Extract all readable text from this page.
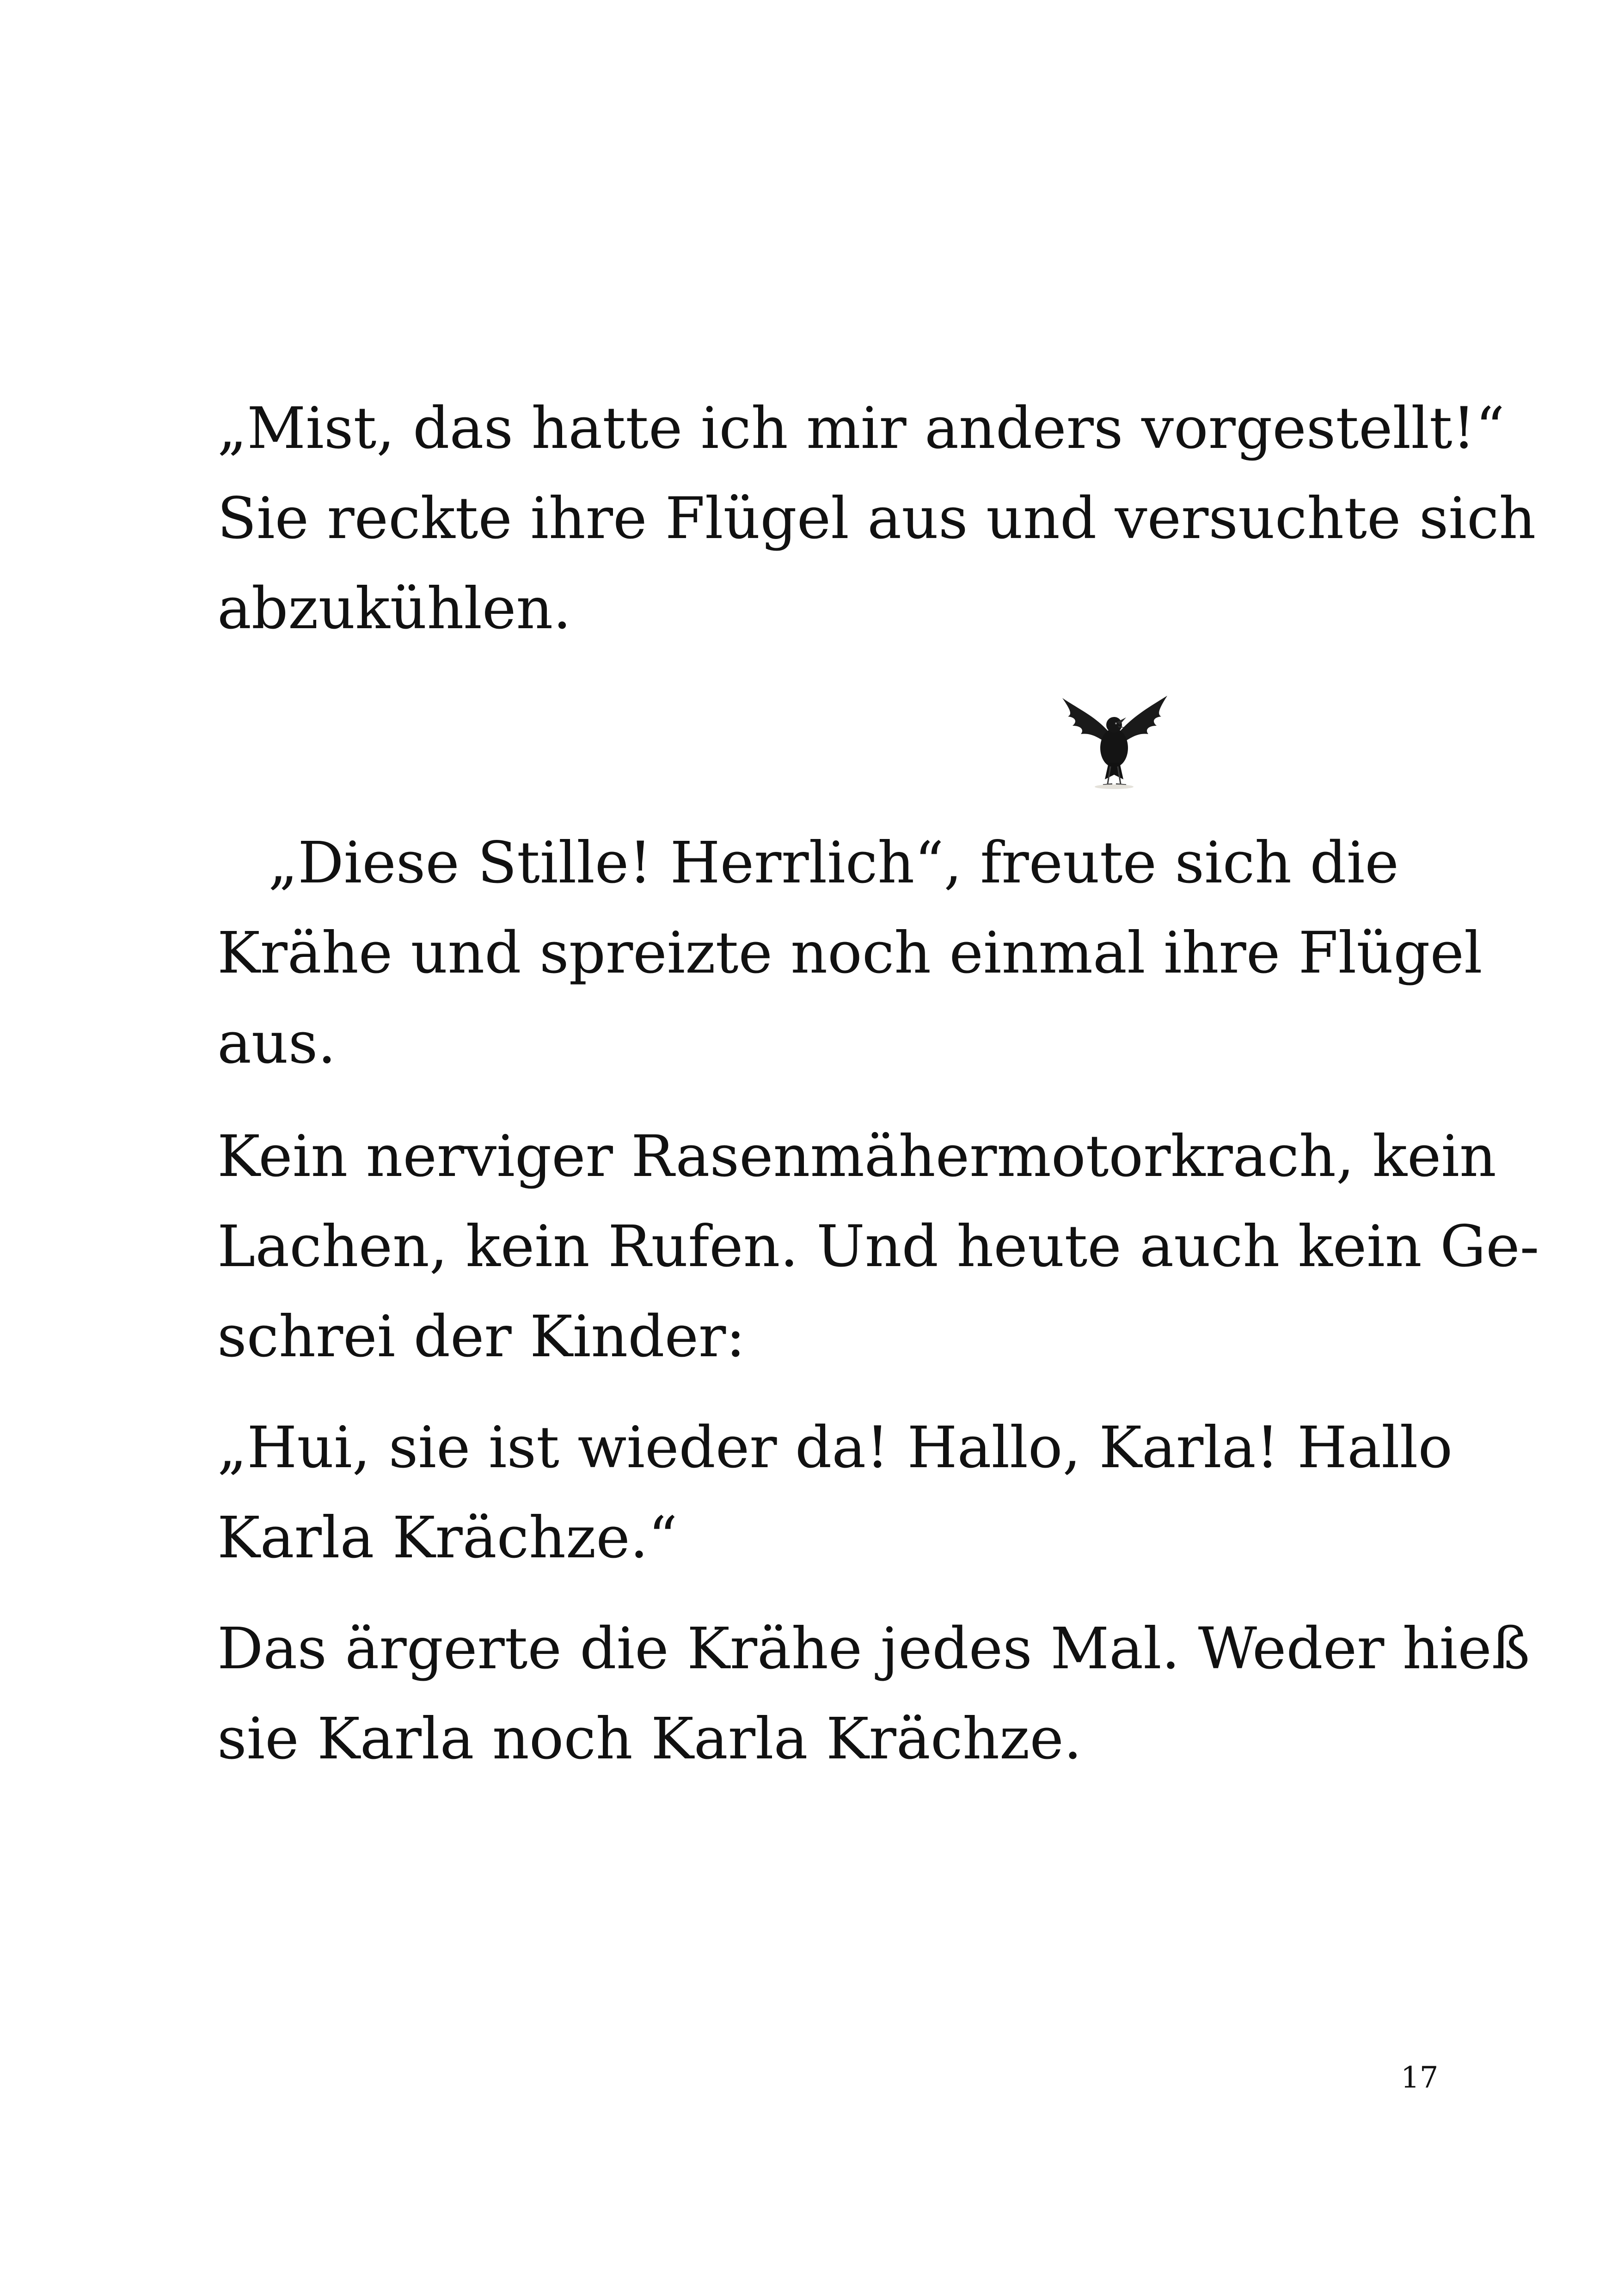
„Mist, das hatte ich mir anders vorgestellt!“
Sie reckte ihre Flügel aus und versuchte sich
abzukühlen.

„Diese Stille! Herrlich“, freute sich die
Krähe und spreizte noch einmal ihre Flügel
aus.

Kein nerviger Rasenmähermotorkrach, kein
Lachen, kein Rufen. Und heute auch kein Ge-
schrei der Kinder:

„Hui, sie ist wieder da! Hallo, Karla! Hallo
Karla Krächze.“

Das ärgerte die Krähe jedes Mal. Weder hieß
sie Karla noch Karla Krächze.

17
